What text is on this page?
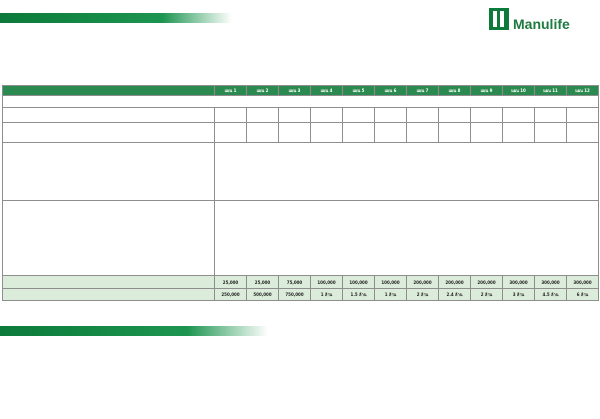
Manulife
	แผน 1	แผน 2	แผน 3	แผน 4	แผน 5	แผน 6	แผน 7	แผน 8	แผน 9	แผน 10	แผน 11	แผน 12

	25,000	25,000	75,000	100,000	100,000	100,000	200,000	200,000	200,000	300,000	300,000	300,000
	250,000	500,000	750,000	1 ล้าน	1.5 ล้าน	1 ล้าน	2 ล้าน	2.4 ล้าน	2 ล้าน	3 ล้าน	4.5 ล้าน	6 ล้าน
